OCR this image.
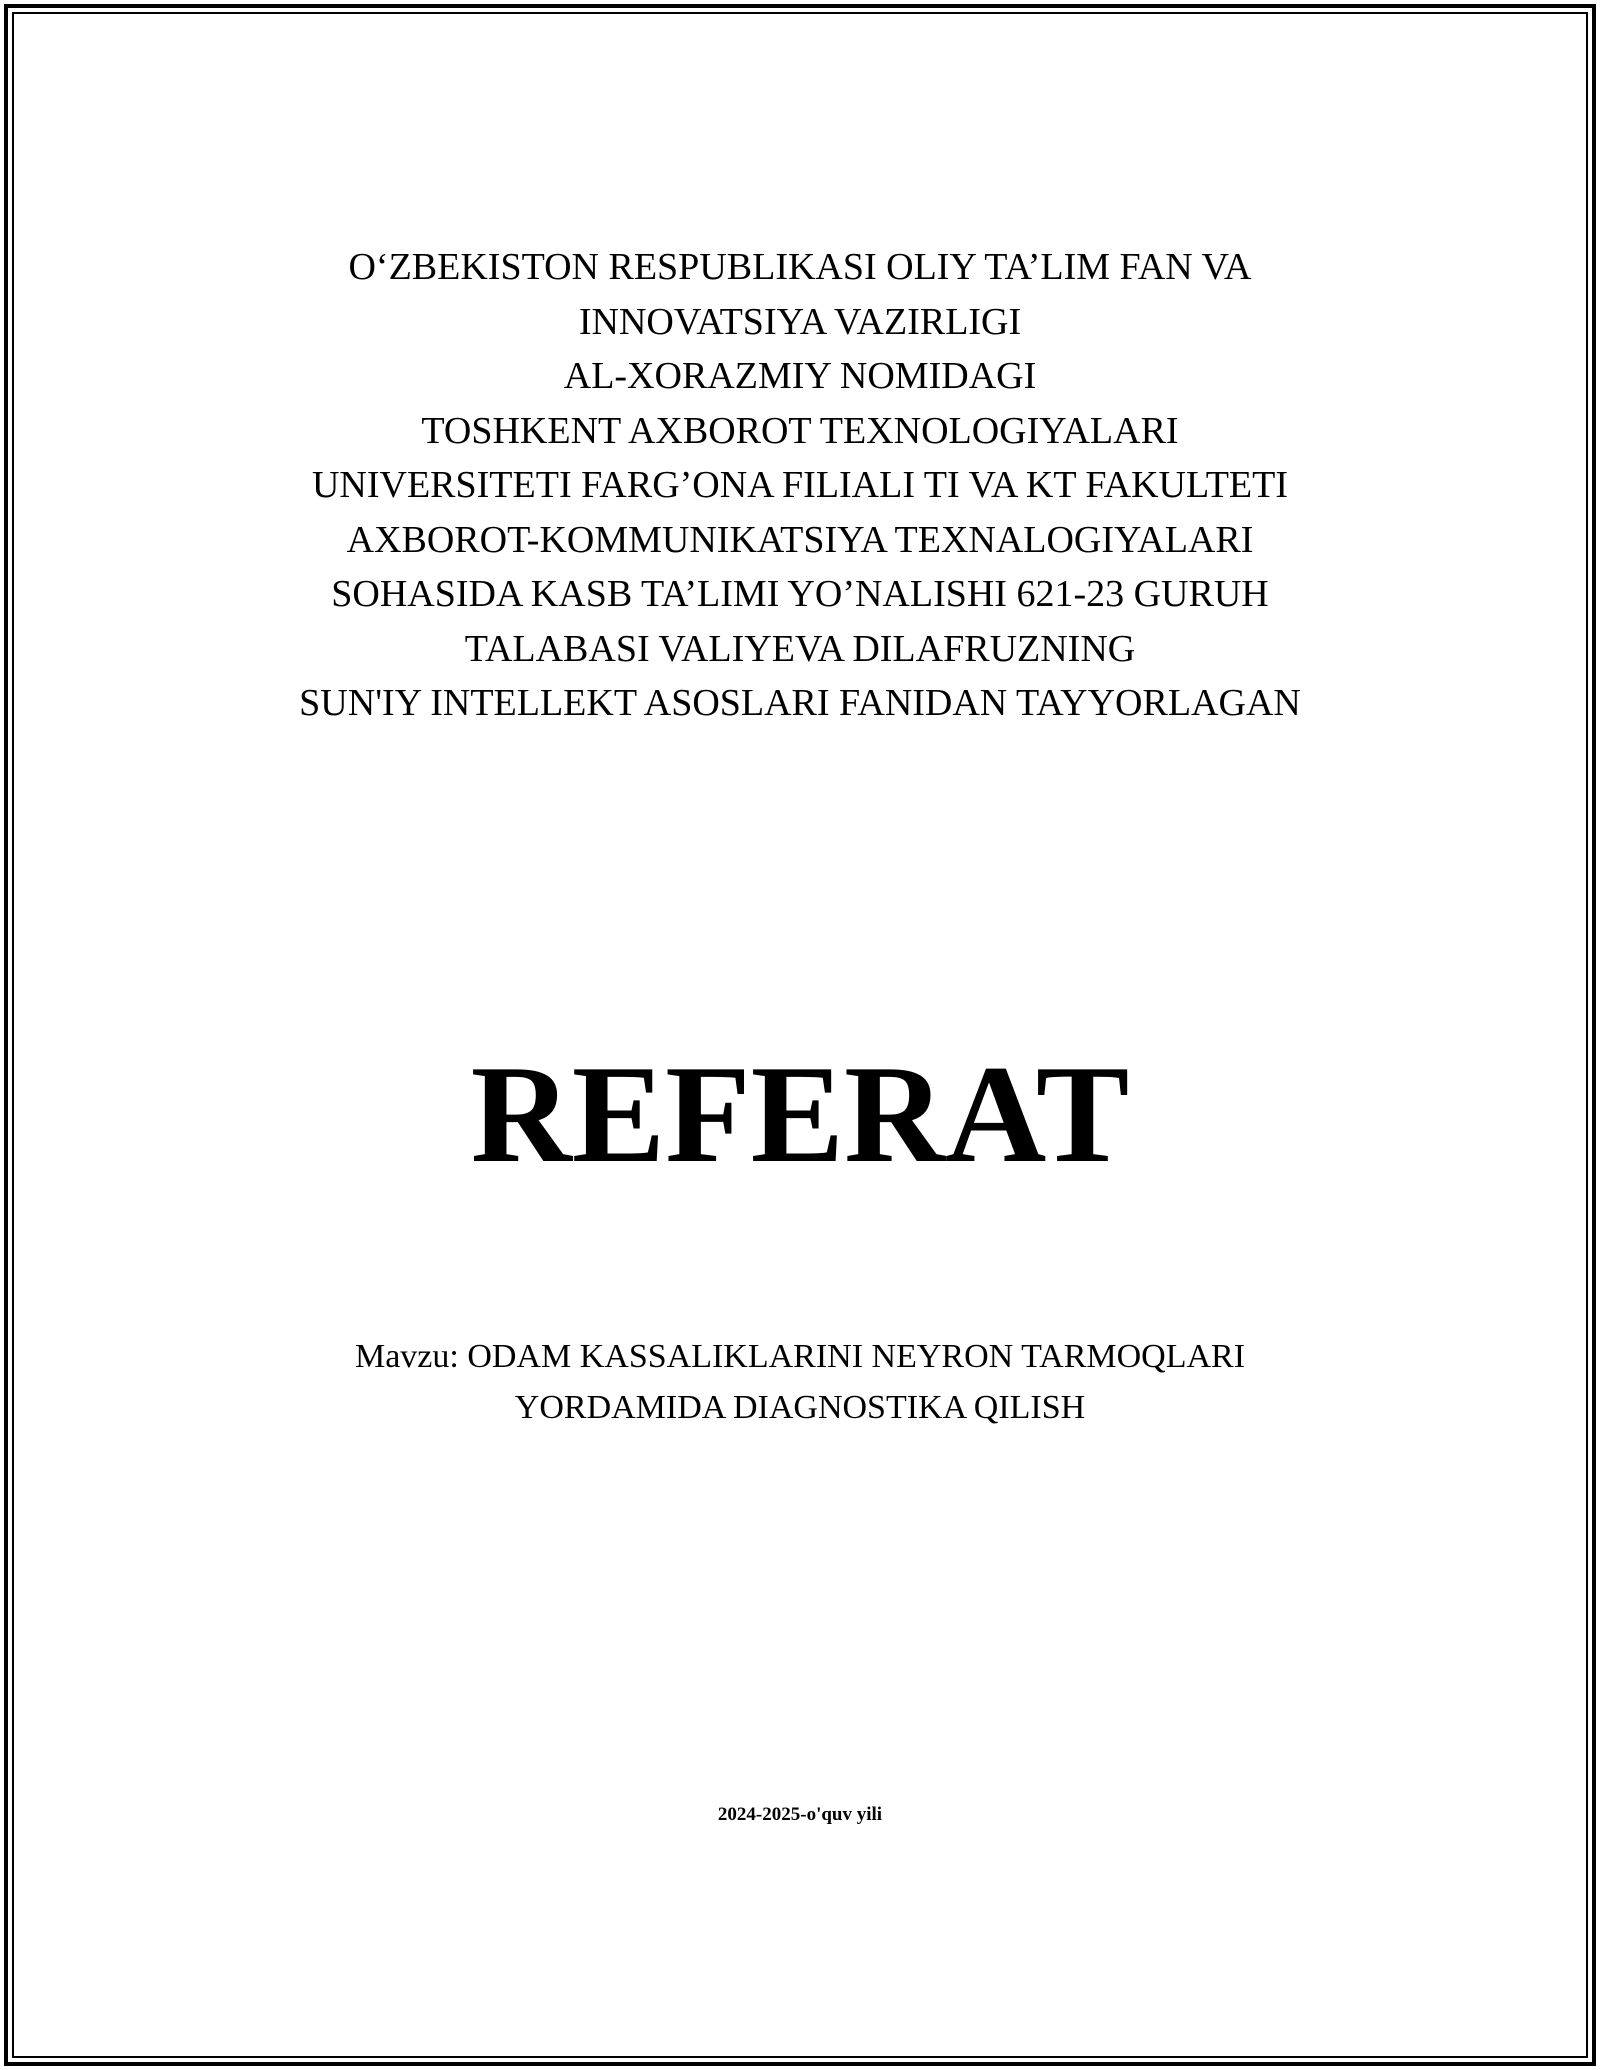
O‘ZBEKISTON RESPUBLIKASI OLIY TA’LIM FAN VA
INNOVATSIYA VAZIRLIGI
AL-XORAZMIY NOMIDAGI
TOSHKENT AXBOROT TEXNOLOGIYALARI
UNIVERSITETI FARG’ONA FILIALI TI VA KT FAKULTETI
AXBOROT-KOMMUNIKATSIYA TEXNALOGIYALARI
SOHASIDA KASB TA’LIMI YO’NALISHI 621-23 GURUH
TALABASI VALIYEVA DILAFRUZNING
SUN'IY INTELLEKT ASOSLARI FANIDAN TAYYORLAGAN
REFERAT
Mavzu: ODAM KASSALIKLARINI NEYRON TARMOQLARI
YORDAMIDA DIAGNOSTIKA QILISH
2024-2025-o'quv yili
